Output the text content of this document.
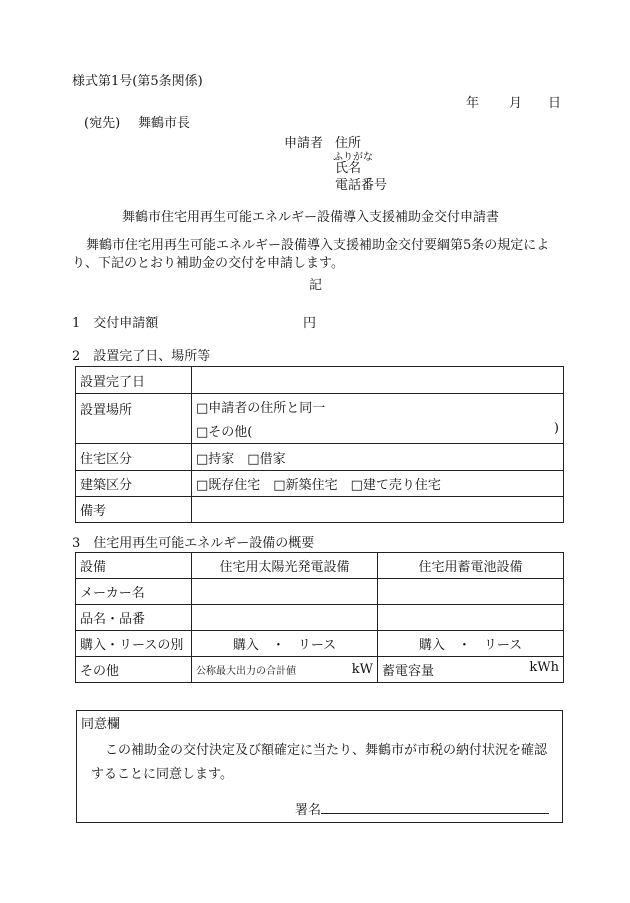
様式第1号(第5条関係)
年 月 日
(宛先) 舞鶴市長
申請者 住所
ふりがな
氏名
電話番号
舞鶴市住宅用再生可能エネルギー設備導入支援補助金交付申請書
舞鶴市住宅用再生可能エネルギー設備導入支援補助金交付要綱第5条の規定によ
り、下記のとおり補助金の交付を申請します。
記
1　交付申請額	円
2　設置完了日、場所等
設置完了日	
設置場所	□申請者の住所と同一

	□その他( )

住宅区分	□持家　□借家
建築区分	□既存住宅　□新築住宅　□建て売り住宅
備考	
3　住宅用再生可能エネルギー設備の概要
設備	住宅用太陽光発電設備	住宅用蓄電池設備
メーカー名		
品名・品番		
購入・リースの別	購入　・　リース	購入　・　リース
その他	公称最大出力の合計値 kW	蓄電容量 kWh
同意欄
この補助金の交付決定及び額確定に当たり、舞鶴市が市税の納付状況を確認
することに同意します。
署名
